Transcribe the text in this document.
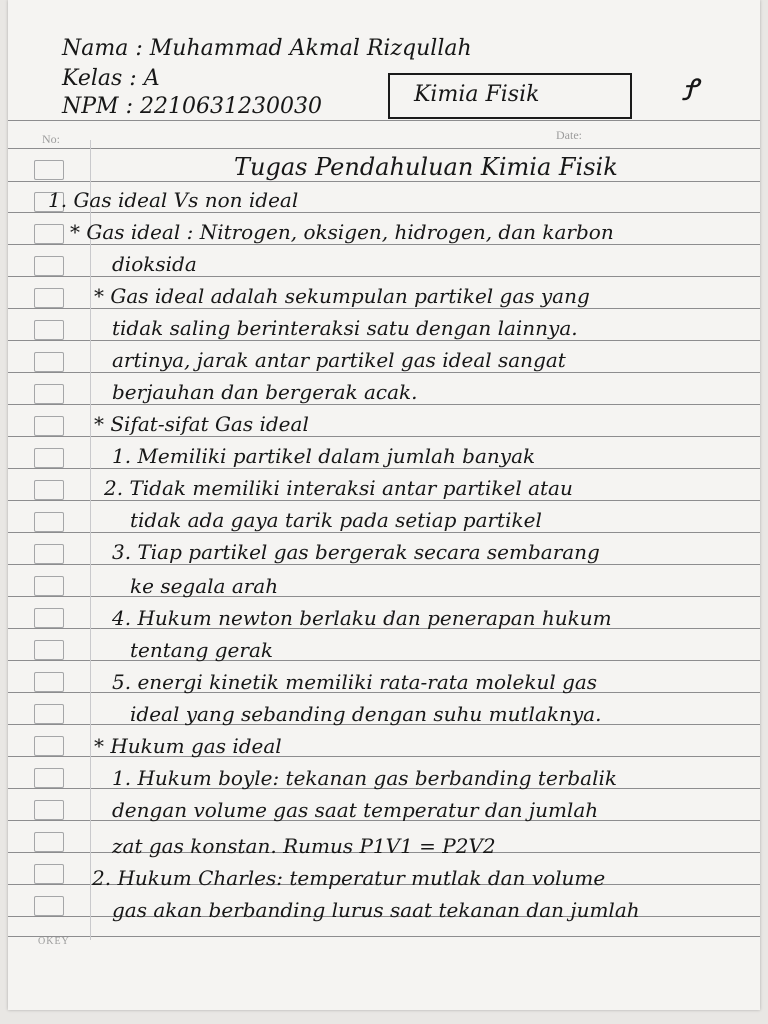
No:	Date:
OKEY
Nama : Muhammad Akmal Rizqullah
Kelas : A
NPM : 2210631230030	Kimia Fisik	Ꝭ
Tugas Pendahuluan Kimia Fisik
1. Gas ideal Vs non ideal
* Gas ideal : Nitrogen, oksigen, hidrogen, dan karbon
dioksida
* Gas ideal adalah sekumpulan partikel gas yang
tidak saling berinteraksi satu dengan lainnya.
artinya, jarak antar partikel gas ideal sangat
berjauhan dan bergerak acak.
* Sifat-sifat Gas ideal
1. Memiliki partikel dalam jumlah banyak
2. Tidak memiliki interaksi antar partikel atau
tidak ada gaya tarik pada setiap partikel
3. Tiap partikel gas bergerak secara sembarang
ke segala arah
4. Hukum newton berlaku dan penerapan hukum
tentang gerak
5. energi kinetik memiliki rata-rata molekul gas
ideal yang sebanding dengan suhu mutlaknya.
* Hukum gas ideal
1. Hukum boyle: tekanan gas berbanding terbalik
dengan volume gas saat temperatur dan jumlah
zat gas konstan. Rumus P1V1 = P2V2
2. Hukum Charles: temperatur mutlak dan volume
gas akan berbanding lurus saat tekanan dan jumlah
